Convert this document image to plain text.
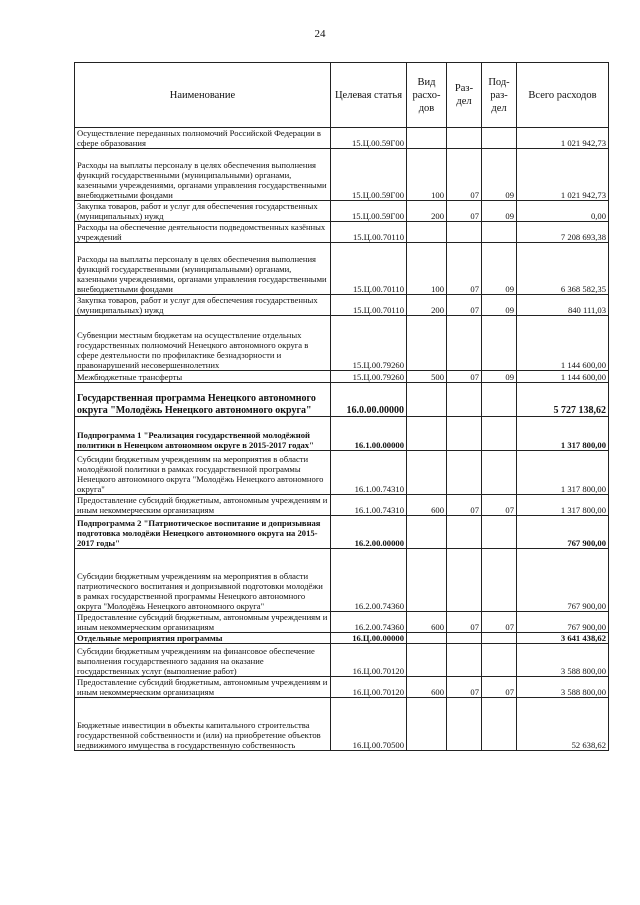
24
Наименование	Целевая статья	Вид расхо-дов	Раз-дел	Под-раз-дел	Всего расходов
Осуществление переданных полномочий Российской Федерации в сфере образования	15.Ц.00.59Г00				1 021 942,73
Расходы на выплаты персоналу в целях обеспечения выполнения функций государственными (муниципальными) органами, казенными учреждениями, органами управления государственными внебюджетными фондами	15.Ц.00.59Г00	100	07	09	1 021 942,73
Закупка товаров, работ и услуг для обеспечения государственных (муниципальных) нужд	15.Ц.00.59Г00	200	07	09	0,00
Расходы на обеспечение деятельности подведомственных казённых учреждений	15.Ц.00.70110				7 208 693,38
Расходы на выплаты персоналу в целях обеспечения выполнения функций государственными (муниципальными) органами, казенными учреждениями, органами управления государственными внебюджетными фондами	15.Ц.00.70110	100	07	09	6 368 582,35
Закупка товаров, работ и услуг для обеспечения государственных (муниципальных) нужд	15.Ц.00.70110	200	07	09	840 111,03
Субвенции местным бюджетам на осуществление отдельных государственных полномочий Ненецкого автономного округа в сфере деятельности по профилактике безнадзорности и правонарушений несовершеннолетних	15.Ц.00.79260				1 144 600,00
Межбюджетные трансферты	15.Ц.00.79260	500	07	09	1 144 600,00
Государственная программа Ненецкого автономного округа "Молодёжь Ненецкого автономного округа"	16.0.00.00000				5 727 138,62
Подпрограмма 1 "Реализация государственной молодёжной политики в Ненецком автономном округе в 2015-2017 годах"	16.1.00.00000				1 317 800,00
Субсидии бюджетным учреждениям на мероприятия в области молодёжной политики в рамках государственной программы Ненецкого автономного округа "Молодёжь Ненецкого автономного округа"	16.1.00.74310				1 317 800,00
Предоставление субсидий бюджетным, автономным учреждениям и иным некоммерческим организациям	16.1.00.74310	600	07	07	1 317 800,00
Подпрограмма 2 "Патриотическое воспитание и допризывная подготовка молодёжи Ненецкого автономного округа на 2015-2017 годы"	16.2.00.00000				767 900,00
Субсидии бюджетным учреждениям на мероприятия в области патриотического воспитания и допризывной подготовки молодёжи в рамках государственной программы Ненецкого автономного округа "Молодёжь Ненецкого автономного округа"	16.2.00.74360				767 900,00
Предоставление субсидий бюджетным, автономным учреждениям и иным некоммерческим организациям	16.2.00.74360	600	07	07	767 900,00
Отдельные мероприятия программы	16.Ц.00.00000				3 641 438,62
Субсидии бюджетным учреждениям на финансовое обеспечение выполнения государственного задания на оказание государственных услуг (выполнение работ)	16.Ц.00.70120				3 588 800,00
Предоставление субсидий бюджетным, автономным учреждениям и иным некоммерческим организациям	16.Ц.00.70120	600	07	07	3 588 800,00
Бюджетные инвестиции в объекты капитального строительства государственной собственности и (или) на приобретение объектов недвижимого имущества в государственную собственность	16.Ц.00.70500				52 638,62
